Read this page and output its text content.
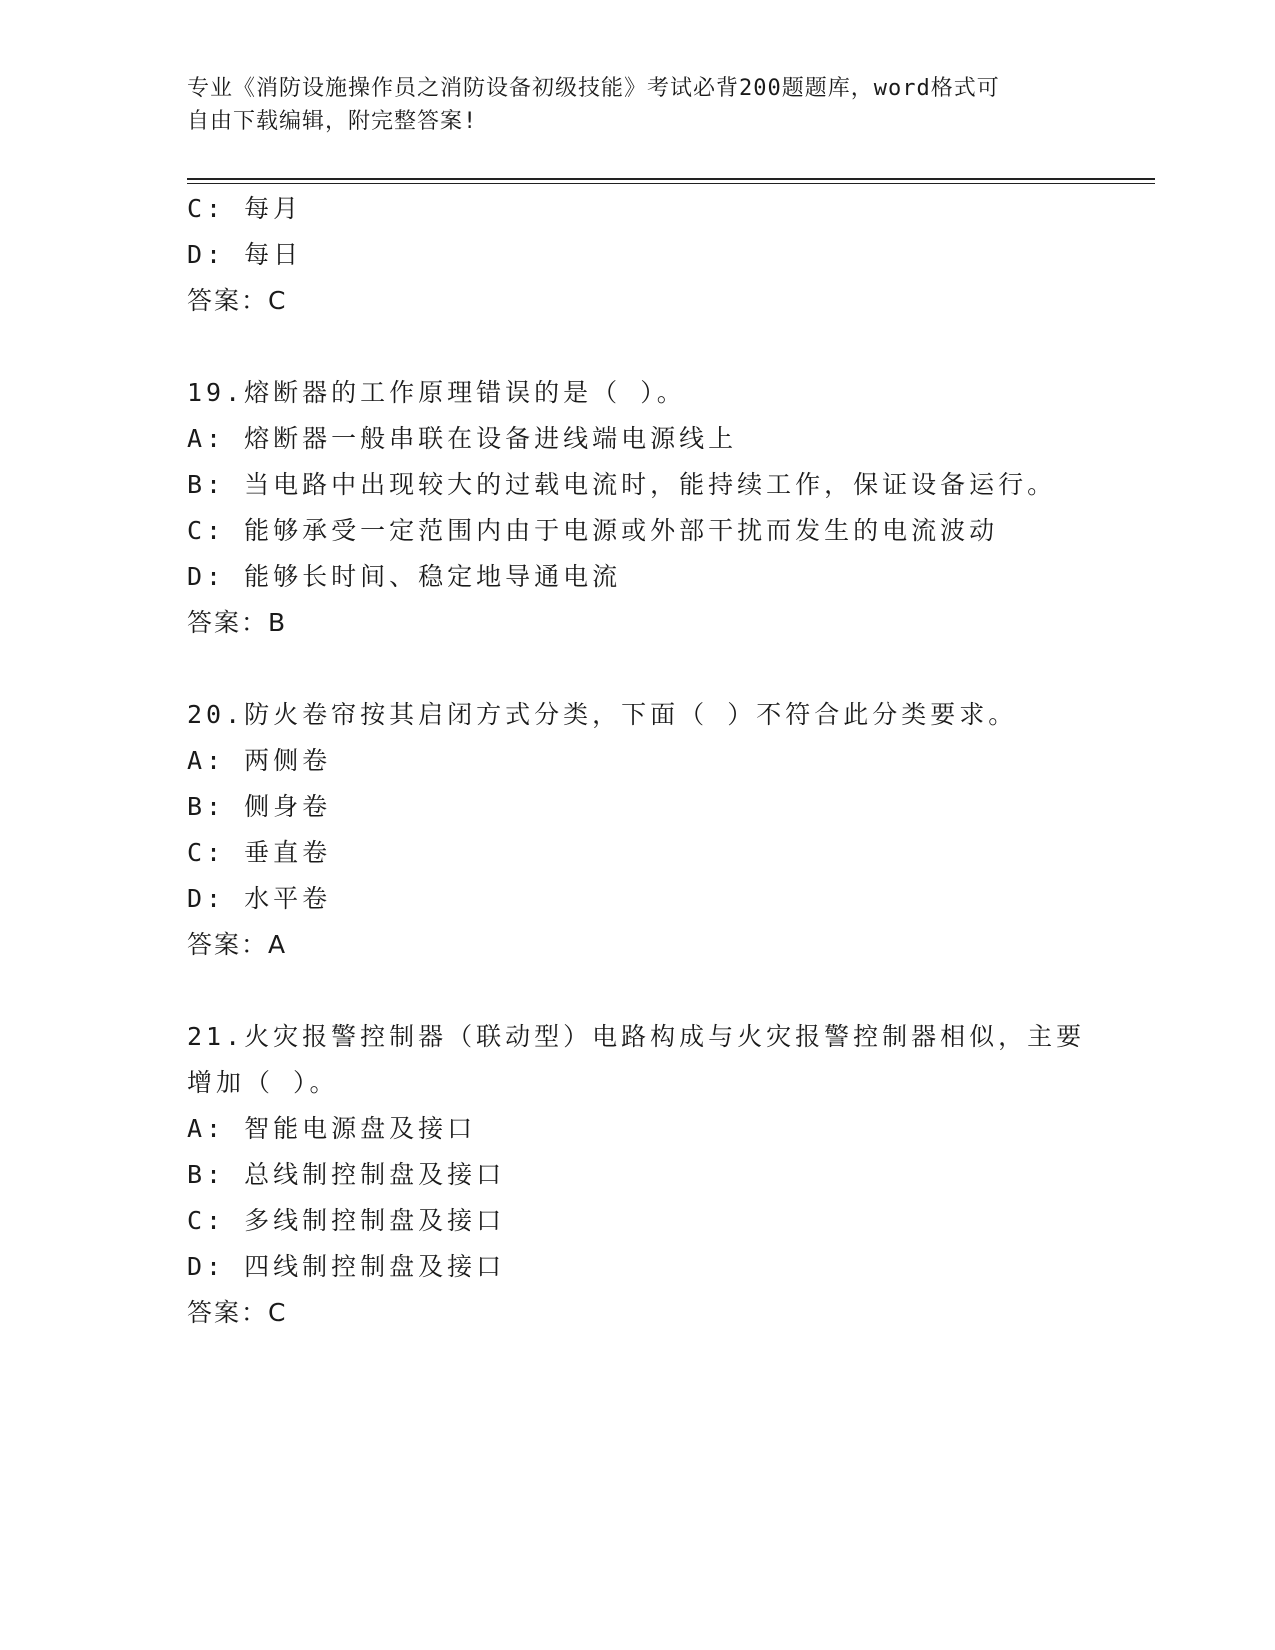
专业《消防设施操作员之消防设备初级技能》考试必背200题题库，word格式可
自由下载编辑，附完整答案!
C: 每月
D: 每日
答案：C
19.熔断器的工作原理错误的是（ ）。
A: 熔断器一般串联在设备进线端电源线上
B: 当电路中出现较大的过载电流时，能持续工作，保证设备运行。
C: 能够承受一定范围内由于电源或外部干扰而发生的电流波动
D: 能够长时间、稳定地导通电流
答案：B
20.防火卷帘按其启闭方式分类，下面（ ）不符合此分类要求。
A: 两侧卷
B: 侧身卷
C: 垂直卷
D: 水平卷
答案：A
21.火灾报警控制器（联动型）电路构成与火灾报警控制器相似，主要
增加（ ）。
A: 智能电源盘及接口
B: 总线制控制盘及接口
C: 多线制控制盘及接口
D: 四线制控制盘及接口
答案：C
